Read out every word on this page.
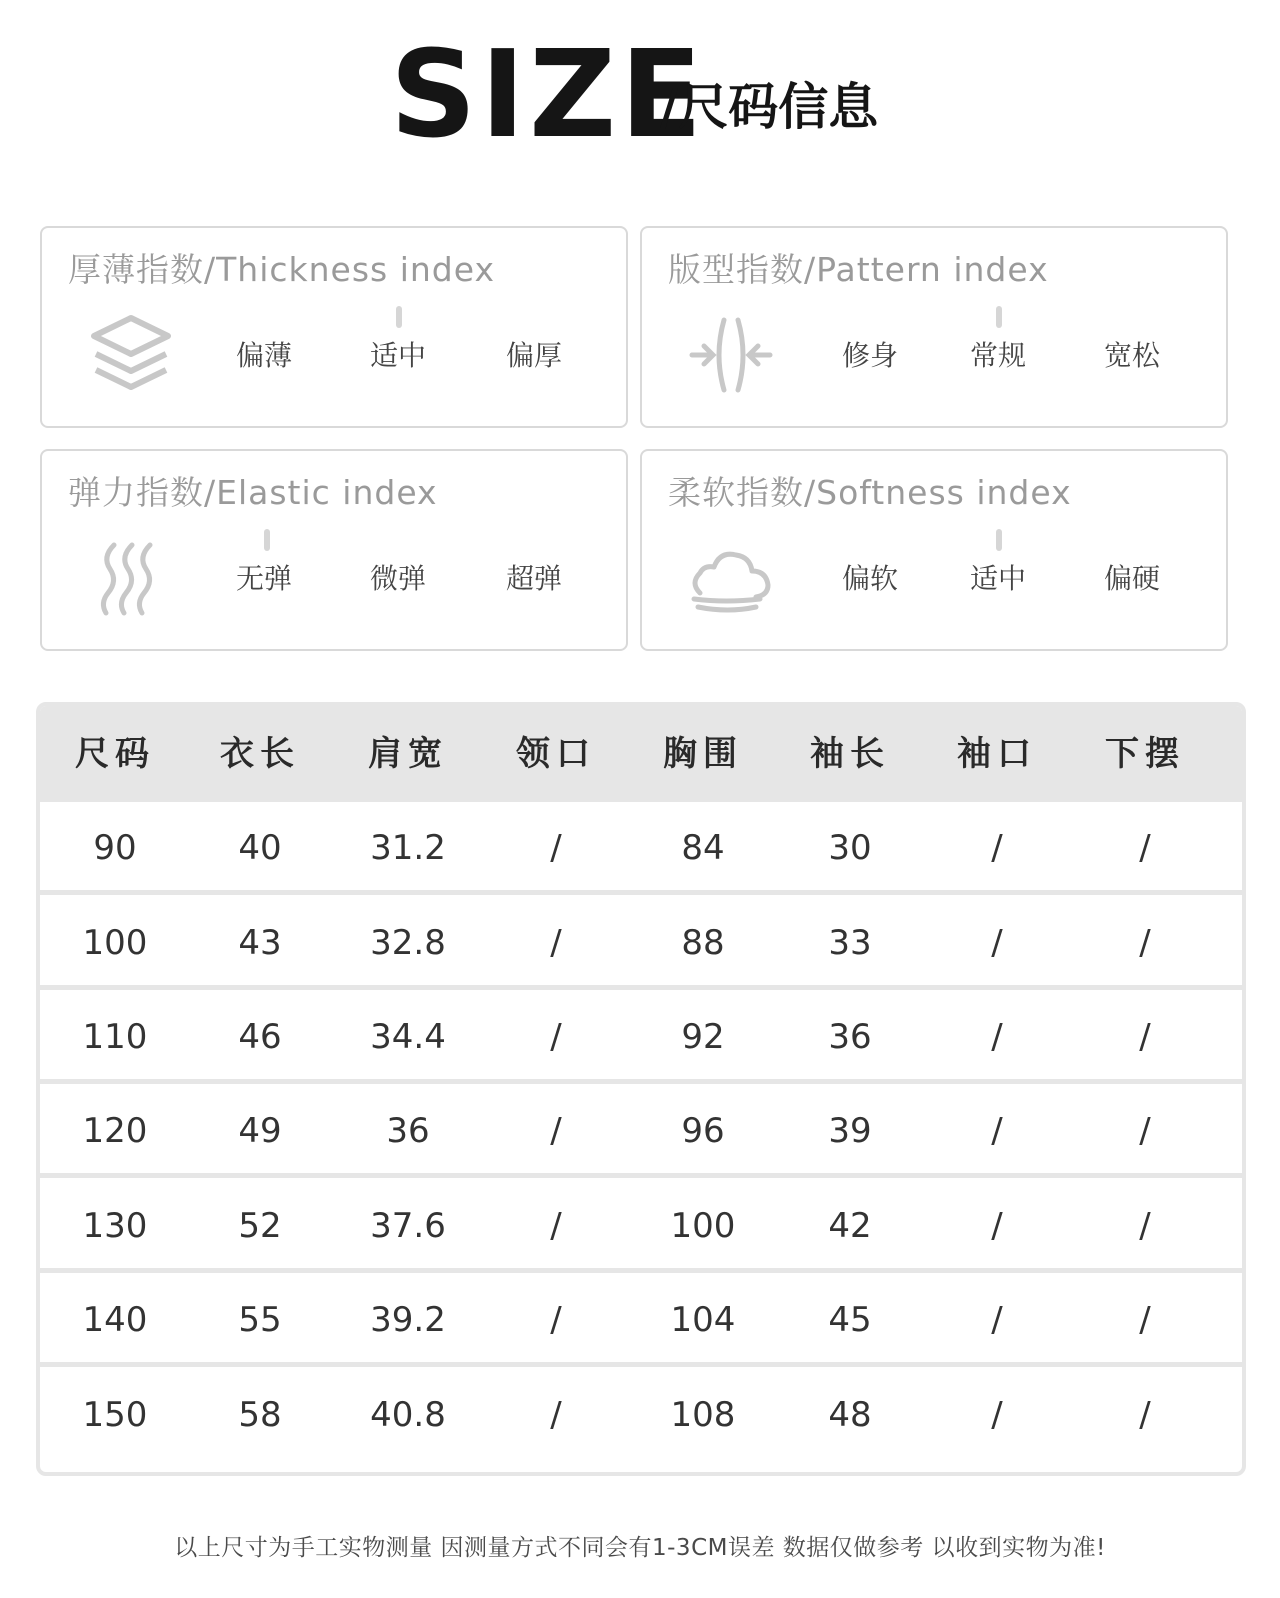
SIZE
/尺码信息
厚薄指数/Thickness index
偏薄	适中	偏厚
版型指数/Pattern index
修身	常规	宽松
弹力指数/Elastic index
无弹	微弹	超弹
柔软指数/Softness index
偏软	适中	偏硬
尺码	衣长	肩宽	领口	胸围	袖长	袖口	下摆
90	40	31.2	/	84	30	/	/
100	43	32.8	/	88	33	/	/
110	46	34.4	/	92	36	/	/
120	49	36	/	96	39	/	/
130	52	37.6	/	100	42	/	/
140	55	39.2	/	104	45	/	/
150	58	40.8	/	108	48	/	/
以上尺寸为手工实物测量 因测量方式不同会有1-3CM误差 数据仅做参考 以收到实物为准!
